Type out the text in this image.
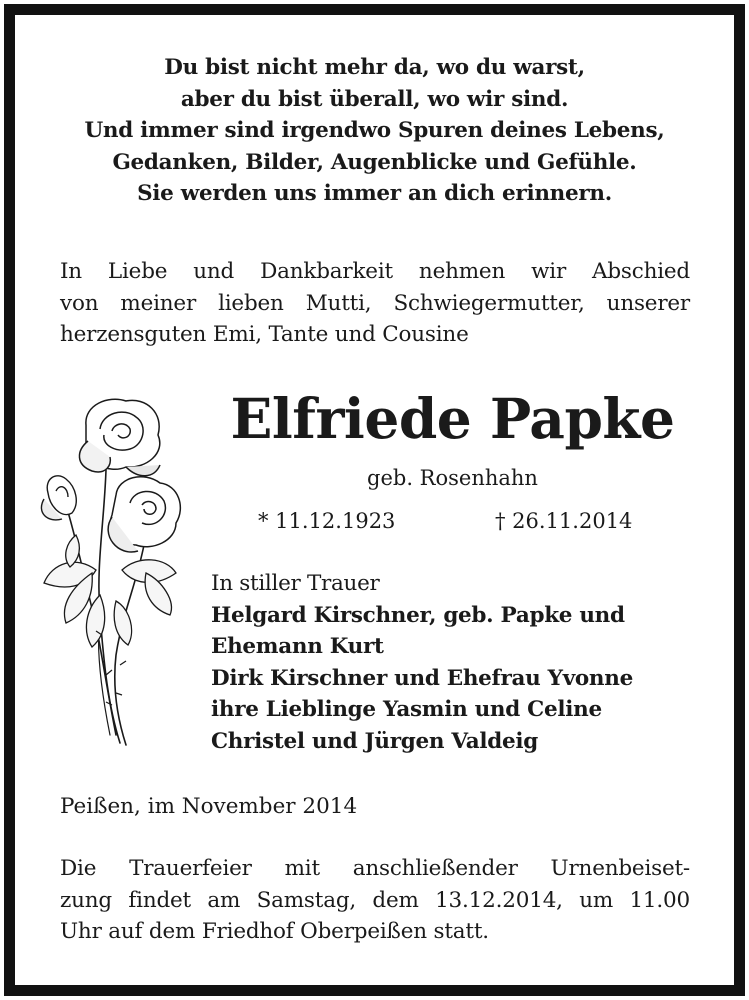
Du bist nicht mehr da, wo du warst,
aber du bist überall, wo wir sind.
Und immer sind irgendwo Spuren deines Lebens,
Gedanken, Bilder, Augenblicke und Gefühle.
Sie werden uns immer an dich erinnern.
In Liebe und Dankbarkeit nehmen wir Abschied
von meiner lieben Mutti, Schwiegermutter, unserer
herzensguten Emi, Tante und Cousine
Elfriede Papke
geb. Rosenhahn
* 11.12.1923	† 26.11.2014
In stiller Trauer
Helgard Kirschner, geb. Papke und
Ehemann Kurt
Dirk Kirschner und Ehefrau Yvonne
ihre Lieblinge Yasmin und Celine
Christel und Jürgen Valdeig
Peißen, im November 2014
Die Trauerfeier mit anschließender Urnenbeiset-
zung findet am Samstag, dem 13.12.2014, um 11.00
Uhr auf dem Friedhof Oberpeißen statt.
